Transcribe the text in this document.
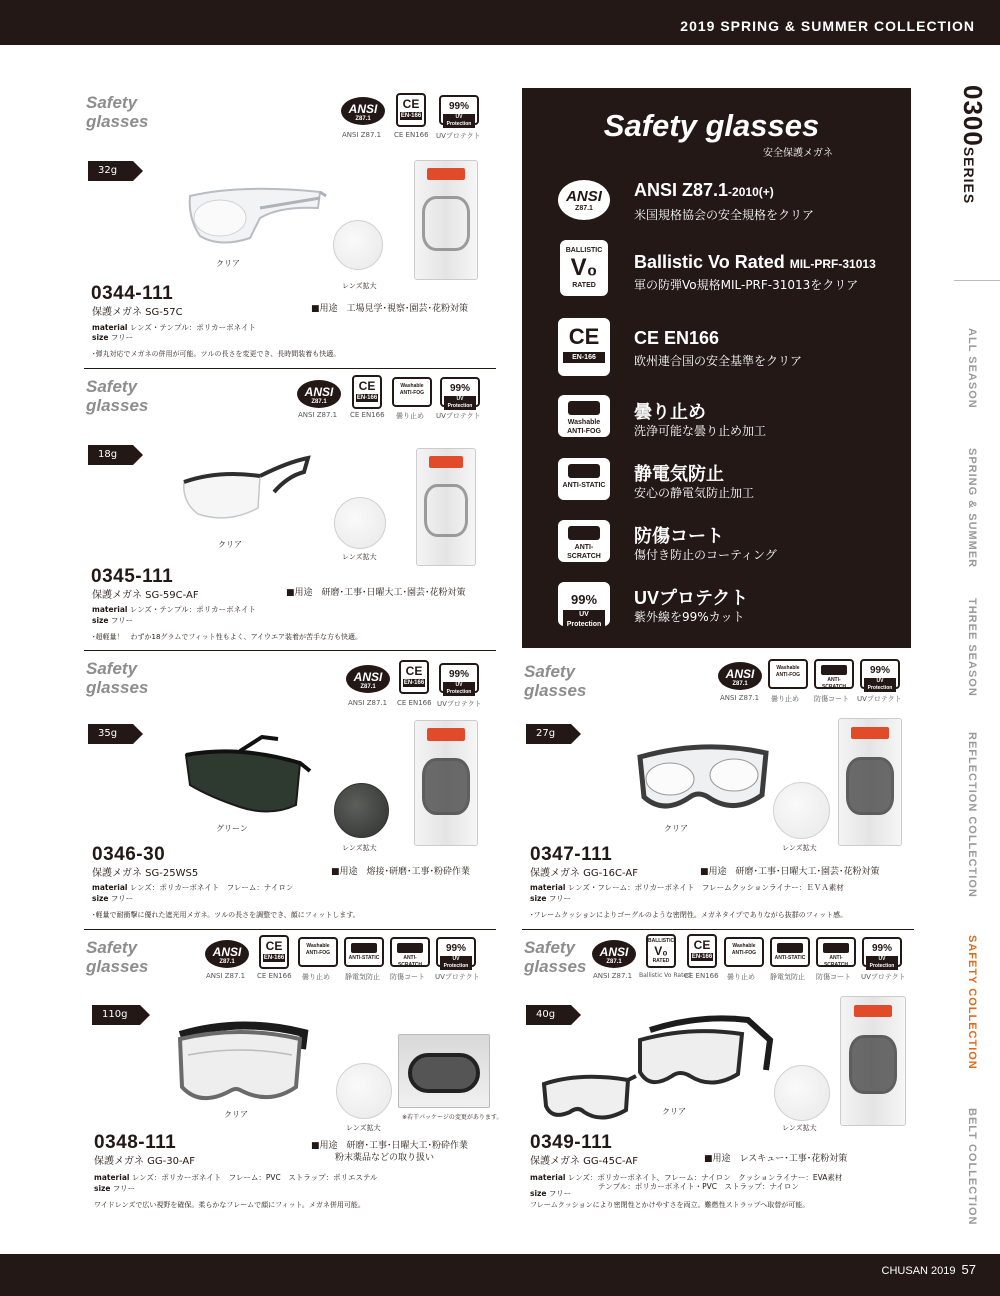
2019 SPRING & SUMMER COLLECTION
0300SERIES
ALL SEASON
SPRING & SUMMER
THREE SEASON
REFLECTION COLLECTION
SAFETY COLLECTION
BELT COLLECTION
Safety
glasses
ANSI
Z87.1
CE
EN-166
99%
UV Protection
ANSI Z87.1 CE EN166 UVプロテクト
32g
クリア
レンズ拡大
0344-111
保護メガネ SG-57C	■用途　工場見学･視察･園芸･花粉対策
material レンズ・テンプル：ポリカーボネイト
size フリー
･弾丸対応でメガネの併用が可能。ツルの長さを変更でき、長時間装着も快適。
Safety
glasses
ANSI
Z87.1
CE
EN-166
Washable
ANTI-FOG	99%
UV Protection
ANSI Z87.1 CE EN166 曇り止め UVプロテクト
18g
クリア
レンズ拡大
0345-111
保護メガネ SG-59C-AF	■用途　研磨･工事･日曜大工･園芸･花粉対策
material レンズ・テンプル：ポリカーボネイト
size フリー
･超軽量！　わずか18グラムでフィット性もよく、アイウエア装着が苦手な方も快適。
Safety glasses
安全保護メガネ
ANSI
Z87.1
ANSI Z87.1-2010(+)
米国規格協会の安全規格をクリア
BALLISTIC
V₀
RATED
Ballistic Vo Rated MIL-PRF-31013
軍の防弾Vo規格MIL-PRF-31013をクリア
CE
EN-166
CE EN166
欧州連合国の安全基準をクリア
Washable
ANTI-FOG
曇り止め
洗浄可能な曇り止め加工
ANTI-STATIC
静電気防止
安心の静電気防止加工
ANTI-SCRATCH
防傷コート
傷付き防止のコーティング
99%
UV Protection
UVプロテクト
紫外線を99%カット
Safety
glasses
ANSI
Z87.1
CE
EN-166
99%
UV Protection
ANSI Z87.1 CE EN166 UVプロテクト
35g
グリーン
レンズ拡大
0346-30
保護メガネ SG-25WS5	■用途　熔接･研磨･工事･粉砕作業
material レンズ：ポリカーボネイト　フレーム：ナイロン
size フリー
･軽量で耐衝撃に優れた遮光用メガネ。ツルの長さを調整でき、顔にフィットします。
Safety
glasses
ANSI
Z87.1
Washable
ANTI-FOG
ANTI-SCRATCH
99%
UV Protection
ANSI Z87.1 曇り止め 防傷コート UVプロテクト
27g
クリア
レンズ拡大
0347-111
保護メガネ GG-16C-AF	■用途　研磨･工事･日曜大工･園芸･花粉対策
material レンズ・フレーム：ポリカーボネイト　フレームクッションライナー：ＥＶＡ素材
size フリー
･フレームクッションによりゴーグルのような密閉性。メガネタイプでありながら抜群のフィット感。
Safety
glasses
ANSI
Z87.1
CE
EN-166
Washable
ANTI-FOG
ANTI-STATIC	ANTI-SCRATCH
99%
UV Protection
ANSI Z87.1 CE EN166 曇り止め 静電気防止 防傷コート UVプロテクト
110g
クリア
レンズ拡大
※若干パッケージの変更があります。
0348-111
保護メガネ GG-30-AF
■用途　研磨･工事･日曜大工･粉砕作業
粉末薬品などの取り扱い
material レンズ：ポリカーボネイト　フレーム：PVC　ストラップ：ポリエステル
size フリー
ワイドレンズで広い視野を確保。柔らかなフレームで顔にフィット。メガネ併用可能。
Safety
glasses
ANSI
Z87.1
BALLISTIC
V₀
RATED
CE
EN-166
Washable
ANTI-FOG
ANTI-STATIC	ANTI-SCRATCH
99%
UV Protection
ANSI Z87.1 Ballistic Vo Rated
CE EN166 曇り止め 静電気防止 防傷コート UVプロテクト
40g
クリア
レンズ拡大
0349-111
保護メガネ GG-45C-AF	■用途　レスキュー･工事･花粉対策
material レンズ：ポリカーボネイト、フレーム：ナイロン　クッションライナー：EVA素材
テンプル：ポリカーボネイト・PVC　ストラップ：ナイロン
size フリー
フレームクッションにより密閉性とかけやすさを両立。難燃性ストラップへ取替が可能。
CHUSAN 2019 57
